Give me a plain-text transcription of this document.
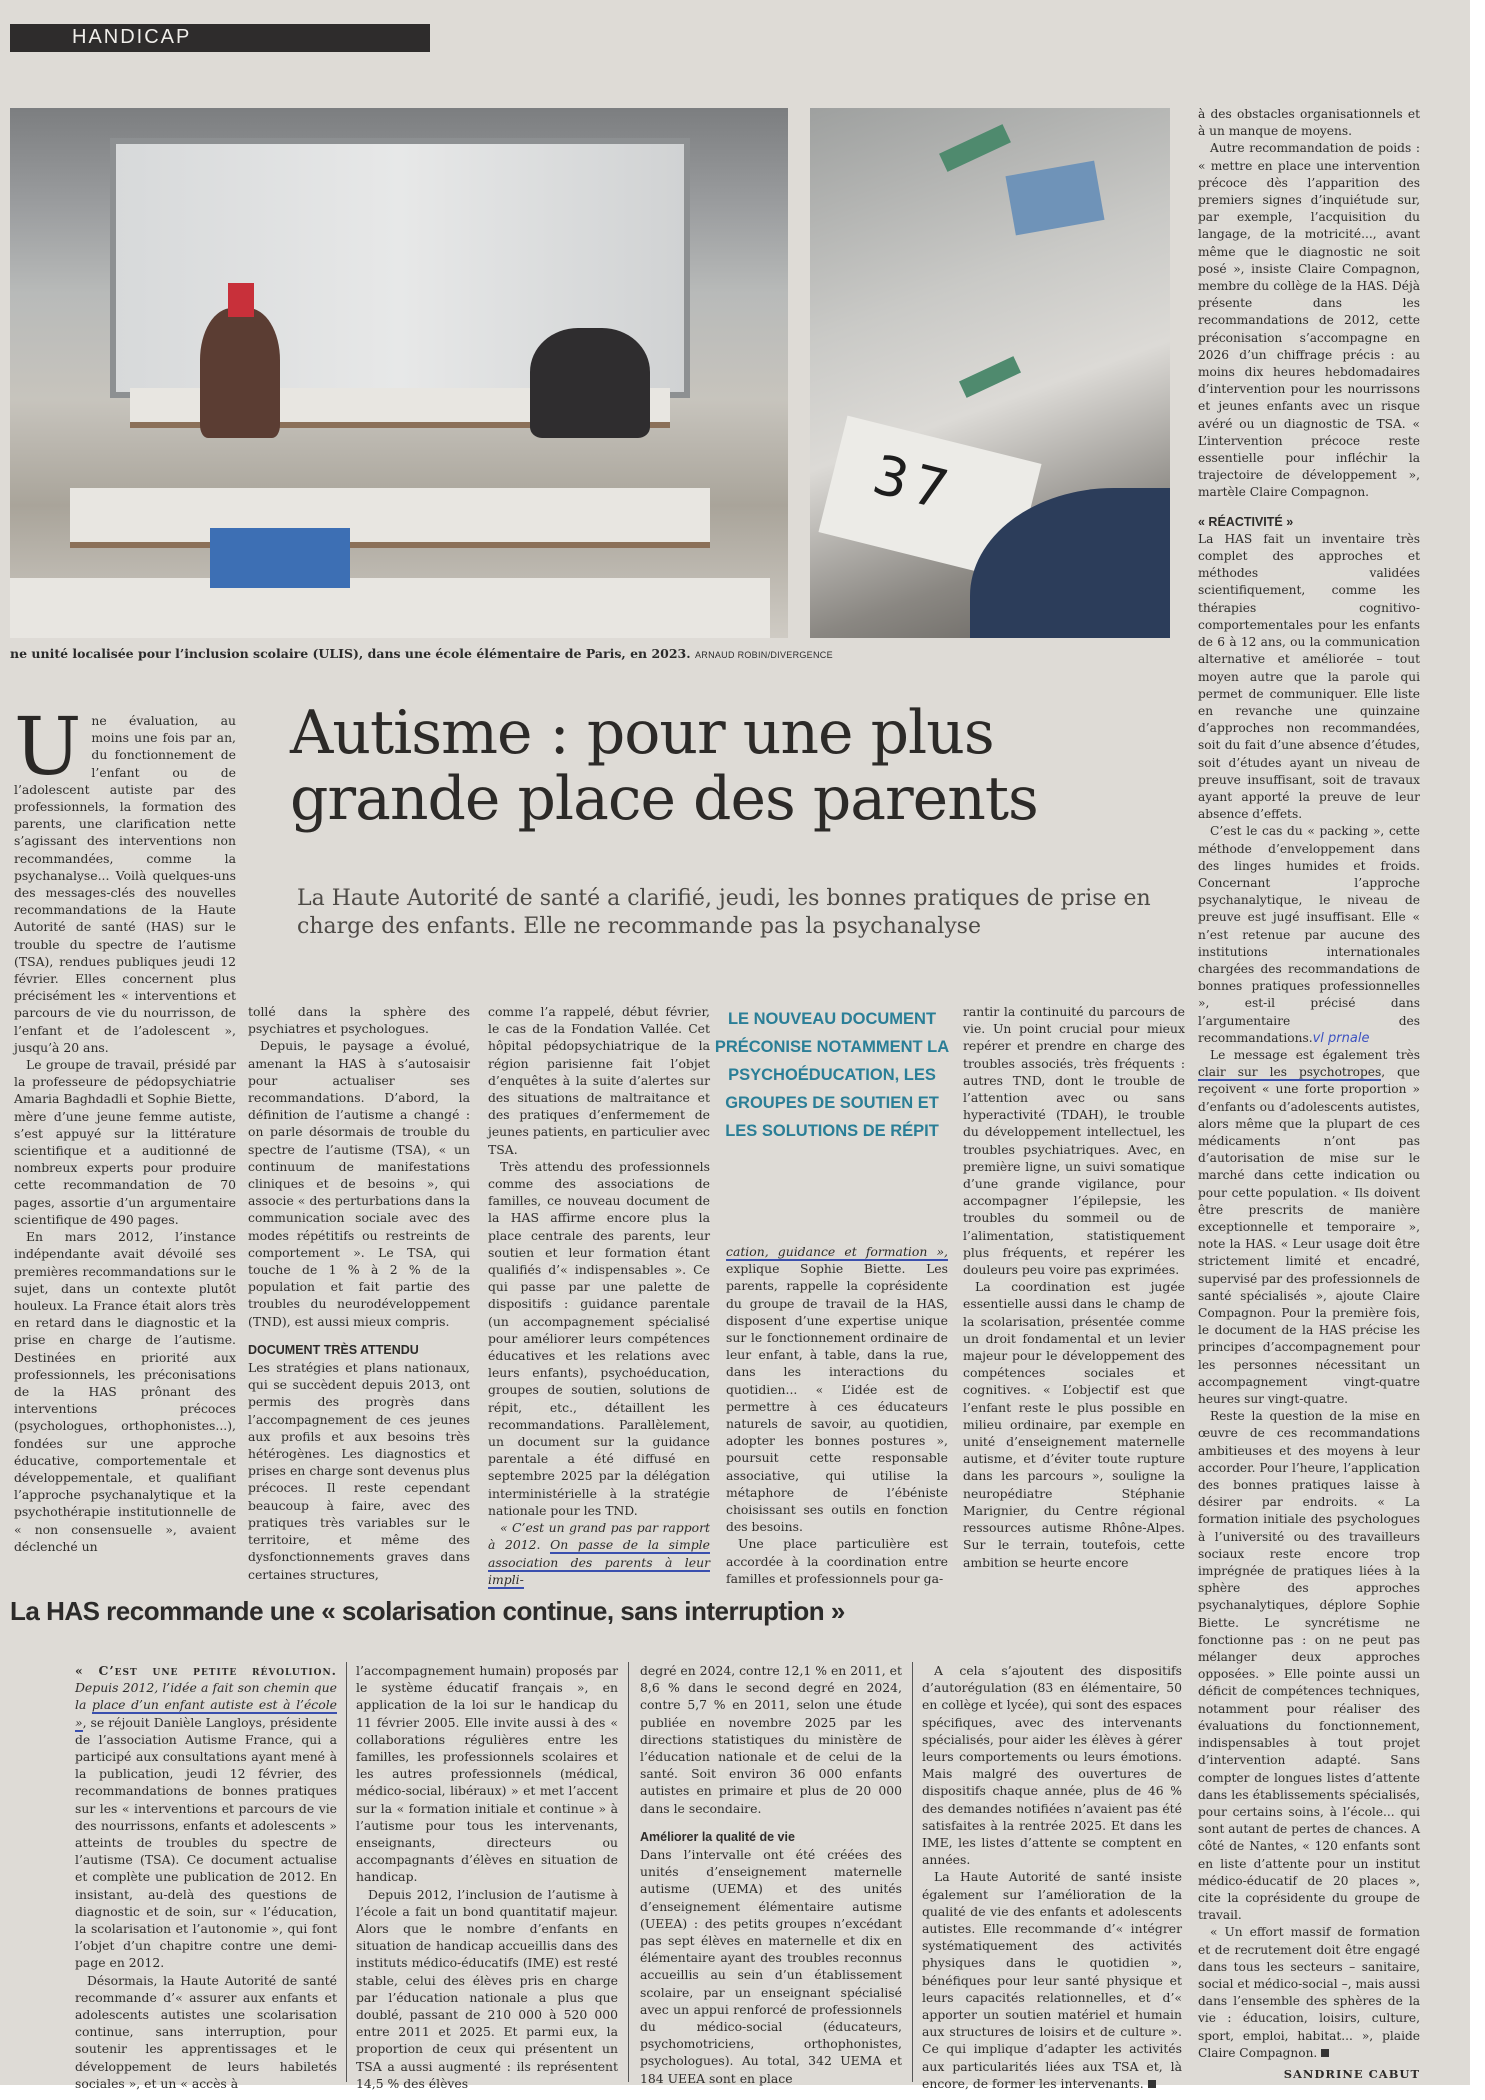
HANDICAP
37
ne unité localisée pour l’inclusion scolaire (ULIS), dans une école élémentaire de Paris, en 2023. ARNAUD ROBIN/DIVERGENCE
Autisme : pour une plus
grande place des parents
La Haute Autorité de santé a clarifié, jeudi, les bonnes pratiques de prise en charge des enfants. Elle ne recommande pas la psychanalyse

U ne évaluation, au moins une fois par an, du fonctionnement de l’enfant ou de l’adolescent autiste par des professionnels, la formation des parents, une clarification nette s’agissant des interventions non recommandées, comme la psychanalyse... Voilà quelques-uns des messages-clés des nouvelles recommandations de la Haute Autorité de santé (HAS) sur le trouble du spectre de l’autisme (TSA), rendues publiques jeudi 12 février. Elles concernent plus précisément les « interventions et parcours de vie du nourrisson, de l’enfant et de l’adolescent », jusqu’à 20 ans.

Le groupe de travail, présidé par la professeure de pédopsychiatrie Amaria Baghdadli et Sophie Biette, mère d’une jeune femme autiste, s’est appuyé sur la littérature scientifique et a auditionné de nombreux experts pour produire cette recommandation de 70 pages, assortie d’un argumentaire scientifique de 490 pages.

En mars 2012, l’instance indépendante avait dévoilé ses premières recommandations sur le sujet, dans un contexte plutôt houleux. La France était alors très en retard dans le diagnostic et la prise en charge de l’autisme. Destinées en priorité aux professionnels, les préconisations de la HAS prônant des interventions précoces (psychologues, orthophonistes...), fondées sur une approche éducative, comportementale et développementale, et qualifiant l’approche psychanalytique et la psychothérapie institutionnelle de « non consensuelle », avaient déclenché un

tollé dans la sphère des psychiatres et psychologues.

Depuis, le paysage a évolué, amenant la HAS à s’autosaisir pour actualiser ses recommandations. D’abord, la définition de l’autisme a changé : on parle désormais de trouble du spectre de l’autisme (TSA), « un continuum de manifestations cliniques et de besoins », qui associe « des perturbations dans la communication sociale avec des modes répétitifs ou restreints de comportement ». Le TSA, qui touche de 1 % à 2 % de la population et fait partie des troubles du neurodéveloppement (TND), est aussi mieux compris.

DOCUMENT TRÈS ATTENDU

Les stratégies et plans nationaux, qui se succèdent depuis 2013, ont permis des progrès dans l’accompagnement de ces jeunes aux profils et aux besoins très hétérogènes. Les diagnostics et prises en charge sont devenus plus précoces. Il reste cependant beaucoup à faire, avec des pratiques très variables sur le territoire, et même des dysfonctionnements graves dans certaines structures,

comme l’a rappelé, début février, le cas de la Fondation Vallée. Cet hôpital pédopsychiatrique de la région parisienne fait l’objet d’enquêtes à la suite d’alertes sur des situations de maltraitance et des pratiques d’enfermement de jeunes patients, en particulier avec TSA.

Très attendu des professionnels comme des associations de familles, ce nouveau document de la HAS affirme encore plus la place centrale des parents, leur soutien et leur formation étant qualifiés d’« indispensables ». Ce qui passe par une palette de dispositifs : guidance parentale (un accompagnement spécialisé pour améliorer leurs compétences éducatives et les relations avec leurs enfants), psychoéducation, groupes de soutien, solutions de répit, etc., détaillent les recommandations. Parallèlement, un document sur la guidance parentale a été diffusé en septembre 2025 par la délégation interministérielle à la stratégie nationale pour les TND.

« C’est un grand pas par rapport à 2012. On passe de la simple association des parents à leur impli-

LE NOUVEAU DOCUMENT PRÉCONISE NOTAMMENT LA PSYCHOÉDUCATION, LES GROUPES DE SOUTIEN ET LES SOLUTIONS DE RÉPIT

cation, guidance et formation », explique Sophie Biette. Les parents, rappelle la coprésidente du groupe de travail de la HAS, disposent d’une expertise unique sur le fonctionnement ordinaire de leur enfant, à table, dans la rue, dans les interactions du quotidien... « L’idée est de permettre à ces éducateurs naturels de savoir, au quotidien, adopter les bonnes postures », poursuit cette responsable associative, qui utilise la métaphore de l’ébéniste choisissant ses outils en fonction des besoins.

Une place particulière est accordée à la coordination entre familles et professionnels pour ga-

rantir la continuité du parcours de vie. Un point crucial pour mieux repérer et prendre en charge des troubles associés, très fréquents : autres TND, dont le trouble de l’attention avec ou sans hyperactivité (TDAH), le trouble du développement intellectuel, les troubles psychiatriques. Avec, en première ligne, un suivi somatique d’une grande vigilance, pour accompagner l’épilepsie, les troubles du sommeil ou de l’alimentation, statistiquement plus fréquents, et repérer les douleurs peu voire pas exprimées.

La coordination est jugée essentielle aussi dans le champ de la scolarisation, présentée comme un droit fondamental et un levier majeur pour le développement des compétences sociales et cognitives. « L’objectif est que l’enfant reste le plus possible en milieu ordinaire, par exemple en unité d’enseignement maternelle autisme, et d’éviter toute rupture dans les parcours », souligne la neuropédiatre Stéphanie Marignier, du Centre régional ressources autisme Rhône-Alpes. Sur le terrain, toutefois, cette ambition se heurte encore

à des obstacles organisationnels et à un manque de moyens.

Autre recommandation de poids : « mettre en place une intervention précoce dès l’apparition des premiers signes d’inquiétude sur, par exemple, l’acquisition du langage, de la motricité..., avant même que le diagnostic ne soit posé », insiste Claire Compagnon, membre du collège de la HAS. Déjà présente dans les recommandations de 2012, cette préconisation s’accompagne en 2026 d’un chiffrage précis : au moins dix heures hebdomadaires d’intervention pour les nourrissons et jeunes enfants avec un risque avéré ou un diagnostic de TSA. « L’intervention précoce reste essentielle pour infléchir la trajectoire de développement », martèle Claire Compagnon.

« RÉACTIVITÉ »

La HAS fait un inventaire très complet des approches et méthodes validées scientifiquement, comme les thérapies cognitivo-comportementales pour les enfants de 6 à 12 ans, ou la communication alternative et améliorée – tout moyen autre que la parole qui permet de communiquer. Elle liste en revanche une quinzaine d’approches non recommandées, soit du fait d’une absence d’études, soit d’études ayant un niveau de preuve insuffisant, soit de travaux ayant apporté la preuve de leur absence d’effets.

C’est le cas du « packing », cette méthode d’enveloppement dans des linges humides et froids. Concernant l’approche psychanalytique, le niveau de preuve est jugé insuffisant. Elle « n’est retenue par aucune des institutions internationales chargées des recommandations de bonnes pratiques professionnelles », est-il précisé dans l’argumentaire des recommandations.vl prnale

Le message est également très clair sur les psychotropes, que reçoivent « une forte proportion » d’enfants ou d’adolescents autistes, alors même que la plupart de ces médicaments n’ont pas d’autorisation de mise sur le marché dans cette indication ou pour cette population. « Ils doivent être prescrits de manière exceptionnelle et temporaire », note la HAS. « Leur usage doit être strictement limité et encadré, supervisé par des professionnels de santé spécialisés », ajoute Claire Compagnon. Pour la première fois, le document de la HAS précise les principes d’accompagnement pour les personnes nécessitant un accompagnement vingt-quatre heures sur vingt-quatre.

Reste la question de la mise en œuvre de ces recommandations ambitieuses et des moyens à leur accorder. Pour l’heure, l’application des bonnes pratiques laisse à désirer par endroits. « La formation initiale des psychologues à l’université ou des travailleurs sociaux reste encore trop imprégnée de pratiques liées à la sphère des approches psychanalytiques, déplore Sophie Biette. Le syncrétisme ne fonctionne pas : on ne peut pas mélanger deux approches opposées. » Elle pointe aussi un déficit de compétences techniques, notamment pour réaliser des évaluations du fonctionnement, indispensables à tout projet d’intervention adapté. Sans compter de longues listes d’attente dans les établissements spécialisés, pour certains soins, à l’école... qui sont autant de pertes de chances. A côté de Nantes, « 120 enfants sont en liste d’attente pour un institut médico-éducatif de 20 places », cite la coprésidente du groupe de travail.

« Un effort massif de formation et de recrutement doit être engagé dans tous les secteurs – sanitaire, social et médico-social –, mais aussi dans l’ensemble des sphères de la vie : éducation, loisirs, culture, sport, emploi, habitat... », plaide Claire Compagnon.

SANDRINE CABUT

La HAS recommande une « scolarisation continue, sans interruption »

« C’est une petite révolution. Depuis 2012, l’idée a fait son chemin que la place d’un enfant autiste est à l’école », se réjouit Danièle Langloys, présidente de l’association Autisme France, qui a participé aux consultations ayant mené à la publication, jeudi 12 février, des recommandations de bonnes pratiques sur les « interventions et parcours de vie des nourrissons, enfants et adolescents » atteints de troubles du spectre de l’autisme (TSA). Ce document actualise et complète une publication de 2012. En insistant, au-delà des questions de diagnostic et de soin, sur « l’éducation, la scolarisation et l’autonomie », qui font l’objet d’un chapitre contre une demi-page en 2012.

Désormais, la Haute Autorité de santé recommande d’« assurer aux enfants et adolescents autistes une scolarisation continue, sans interruption, pour soutenir les apprentissages et le développement de leurs habiletés sociales », et un « accès à

l’accompagnement humain) proposés par le système éducatif français », en application de la loi sur le handicap du 11 février 2005. Elle invite aussi à des « collaborations régulières entre les familles, les professionnels scolaires et les autres professionnels (médical, médico-social, libéraux) » et met l’accent sur la « formation initiale et continue » à l’autisme pour tous les intervenants, enseignants, directeurs ou accompagnants d’élèves en situation de handicap.

Depuis 2012, l’inclusion de l’autisme à l’école a fait un bond quantitatif majeur. Alors que le nombre d’enfants en situation de handicap accueillis dans des instituts médico-éducatifs (IME) est resté stable, celui des élèves pris en charge par l’éducation nationale a plus que doublé, passant de 210 000 à 520 000 entre 2011 et 2025. Et parmi eux, la proportion de ceux qui présentent un TSA a aussi augmenté : ils représentent 14,5 % des élèves

degré en 2024, contre 12,1 % en 2011, et 8,6 % dans le second degré en 2024, contre 5,7 % en 2011, selon une étude publiée en novembre 2025 par les directions statistiques du ministère de l’éducation nationale et de celui de la santé. Soit environ 36 000 enfants autistes en primaire et plus de 20 000 dans le secondaire.

Améliorer la qualité de vie

Dans l’intervalle ont été créées des unités d’enseignement maternelle autisme (UEMA) et des unités d’enseignement élémentaire autisme (UEEA) : des petits groupes n’excédant pas sept élèves en maternelle et dix en élémentaire ayant des troubles reconnus accueillis au sein d’un établissement scolaire, par un enseignant spécialisé avec un appui renforcé de professionnels du médico-social (éducateurs, psychomotriciens, orthophonistes, psychologues). Au total, 342 UEMA et 184 UEEA sont en place

A cela s’ajoutent des dispositifs d’autorégulation (83 en élémentaire, 50 en collège et lycée), qui sont des espaces spécifiques, avec des intervenants spécialisés, pour aider les élèves à gérer leurs comportements ou leurs émotions. Mais malgré des ouvertures de dispositifs chaque année, plus de 46 % des demandes notifiées n’avaient pas été satisfaites à la rentrée 2025. Et dans les IME, les listes d’attente se comptent en années.

La Haute Autorité de santé insiste également sur l’amélioration de la qualité de vie des enfants et adolescents autistes. Elle recommande d’« intégrer systématiquement des activités physiques dans le quotidien », bénéfiques pour leur santé physique et leurs capacités relationnelles, et d’« apporter un soutien matériel et humain aux structures de loisirs et de culture ». Ce qui implique d’adapter les activités aux particularités liées aux TSA et, là encore, de former les intervenants.
